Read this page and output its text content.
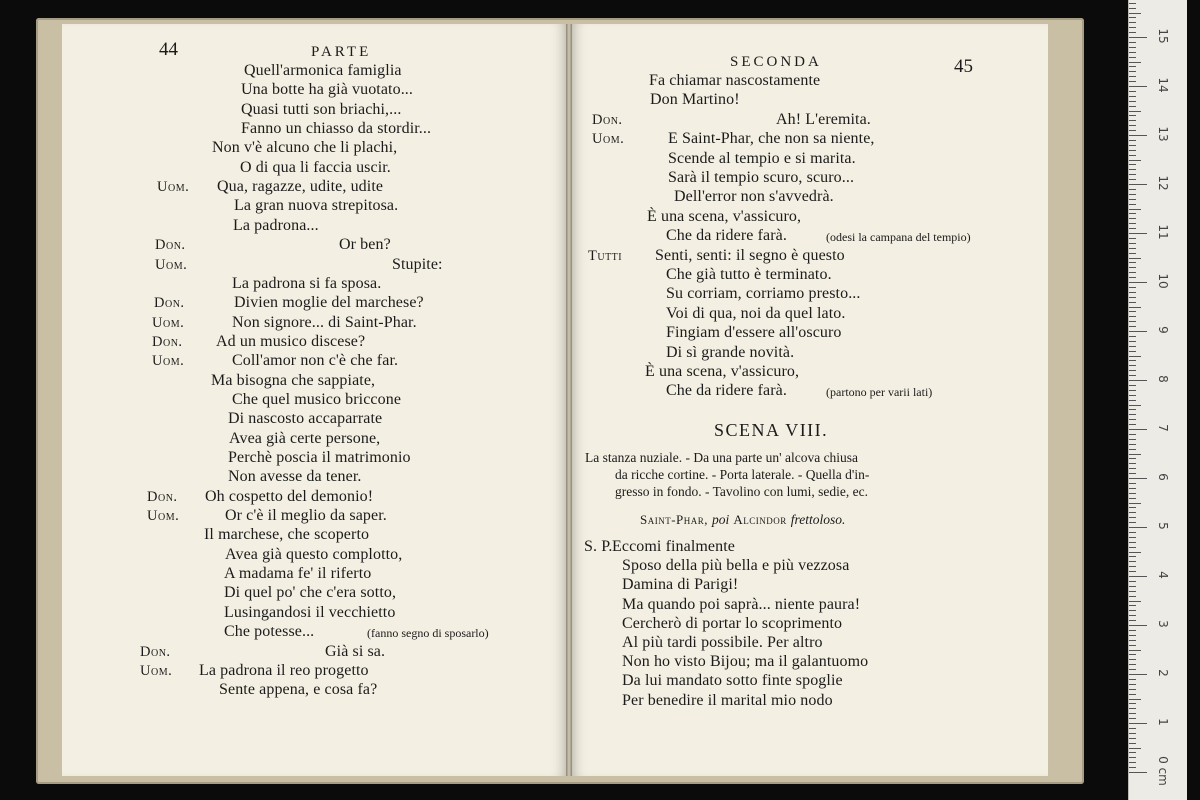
44	PARTE
Quell'armonica famiglia
Una botte ha già vuotato...
Quasi tutti son briachi,...
Fanno un chiasso da stordir...
Non v'è alcuno che li plachi,
O di qua li faccia uscir.
Uom. Qua, ragazze, udite, udite
La gran nuova strepitosa.
La padrona...
Don.	Or ben?
Uom.	Stupite:
La padrona si fa sposa.
Don.	Divien moglie del marchese?
Uom.	Non signore... di Saint-Phar.
Don. Ad un musico discese?
Uom.	Coll'amor non c'è che far.
Ma bisogna che sappiate,
Che quel musico briccone
Di nascosto accaparrate
Avea già certe persone,
Perchè poscia il matrimonio
Non avesse da tener.
Don. Oh cospetto del demonio!
Uom.	Or c'è il meglio da saper.
Il marchese, che scoperto
Avea già questo complotto,
A madama fe' il riferto
Di quel po' che c'era sotto,
Lusingandosi il vecchietto
Che potesse...	(fanno segno di sposarlo)
Don.	Già si sa.
Uom. La padrona il reo progetto
Sente appena, e cosa fa?
SECONDA	45
Fa chiamar nascostamente
Don Martino!
Don.	Ah! L'eremita.
Uom.	E Saint-Phar, che non sa niente,
Scende al tempio e si marita.
Sarà il tempio scuro, scuro...
Dell'error non s'avvedrà.
È una scena, v'assicuro,
Che da ridere farà.	(odesi la campana del tempio)
Tutti Senti, senti: il segno è questo
Che già tutto è terminato.
Su corriam, corriamo presto...
Voi di qua, noi da quel lato.
Fingiam d'essere all'oscuro
Di sì grande novità.
È una scena, v'assicuro,
Che da ridere farà.	(partono per varii lati)
SCENA VIII.
La stanza nuziale. - Da una parte un' alcova chiusa
da ricche cortine. - Porta laterale. - Quella d'in-
gresso in fondo. - Tavolino con lumi, sedie, ec.
Saint-Phar, poi Alcindor frettoloso.
S. P. Eccomi finalmente
Sposo della più bella e più vezzosa
Damina di Parigi!
Ma quando poi saprà... niente paura!
Cercherò di portar lo scoprimento
Al più tardi possibile. Per altro
Non ho visto Bijou; ma il galantuomo
Da lui mandato sotto finte spoglie
Per benedire il marital mio nodo
0 cm
1
2
3
4
5
6
7
8
9
10
11
12
13
14
15
